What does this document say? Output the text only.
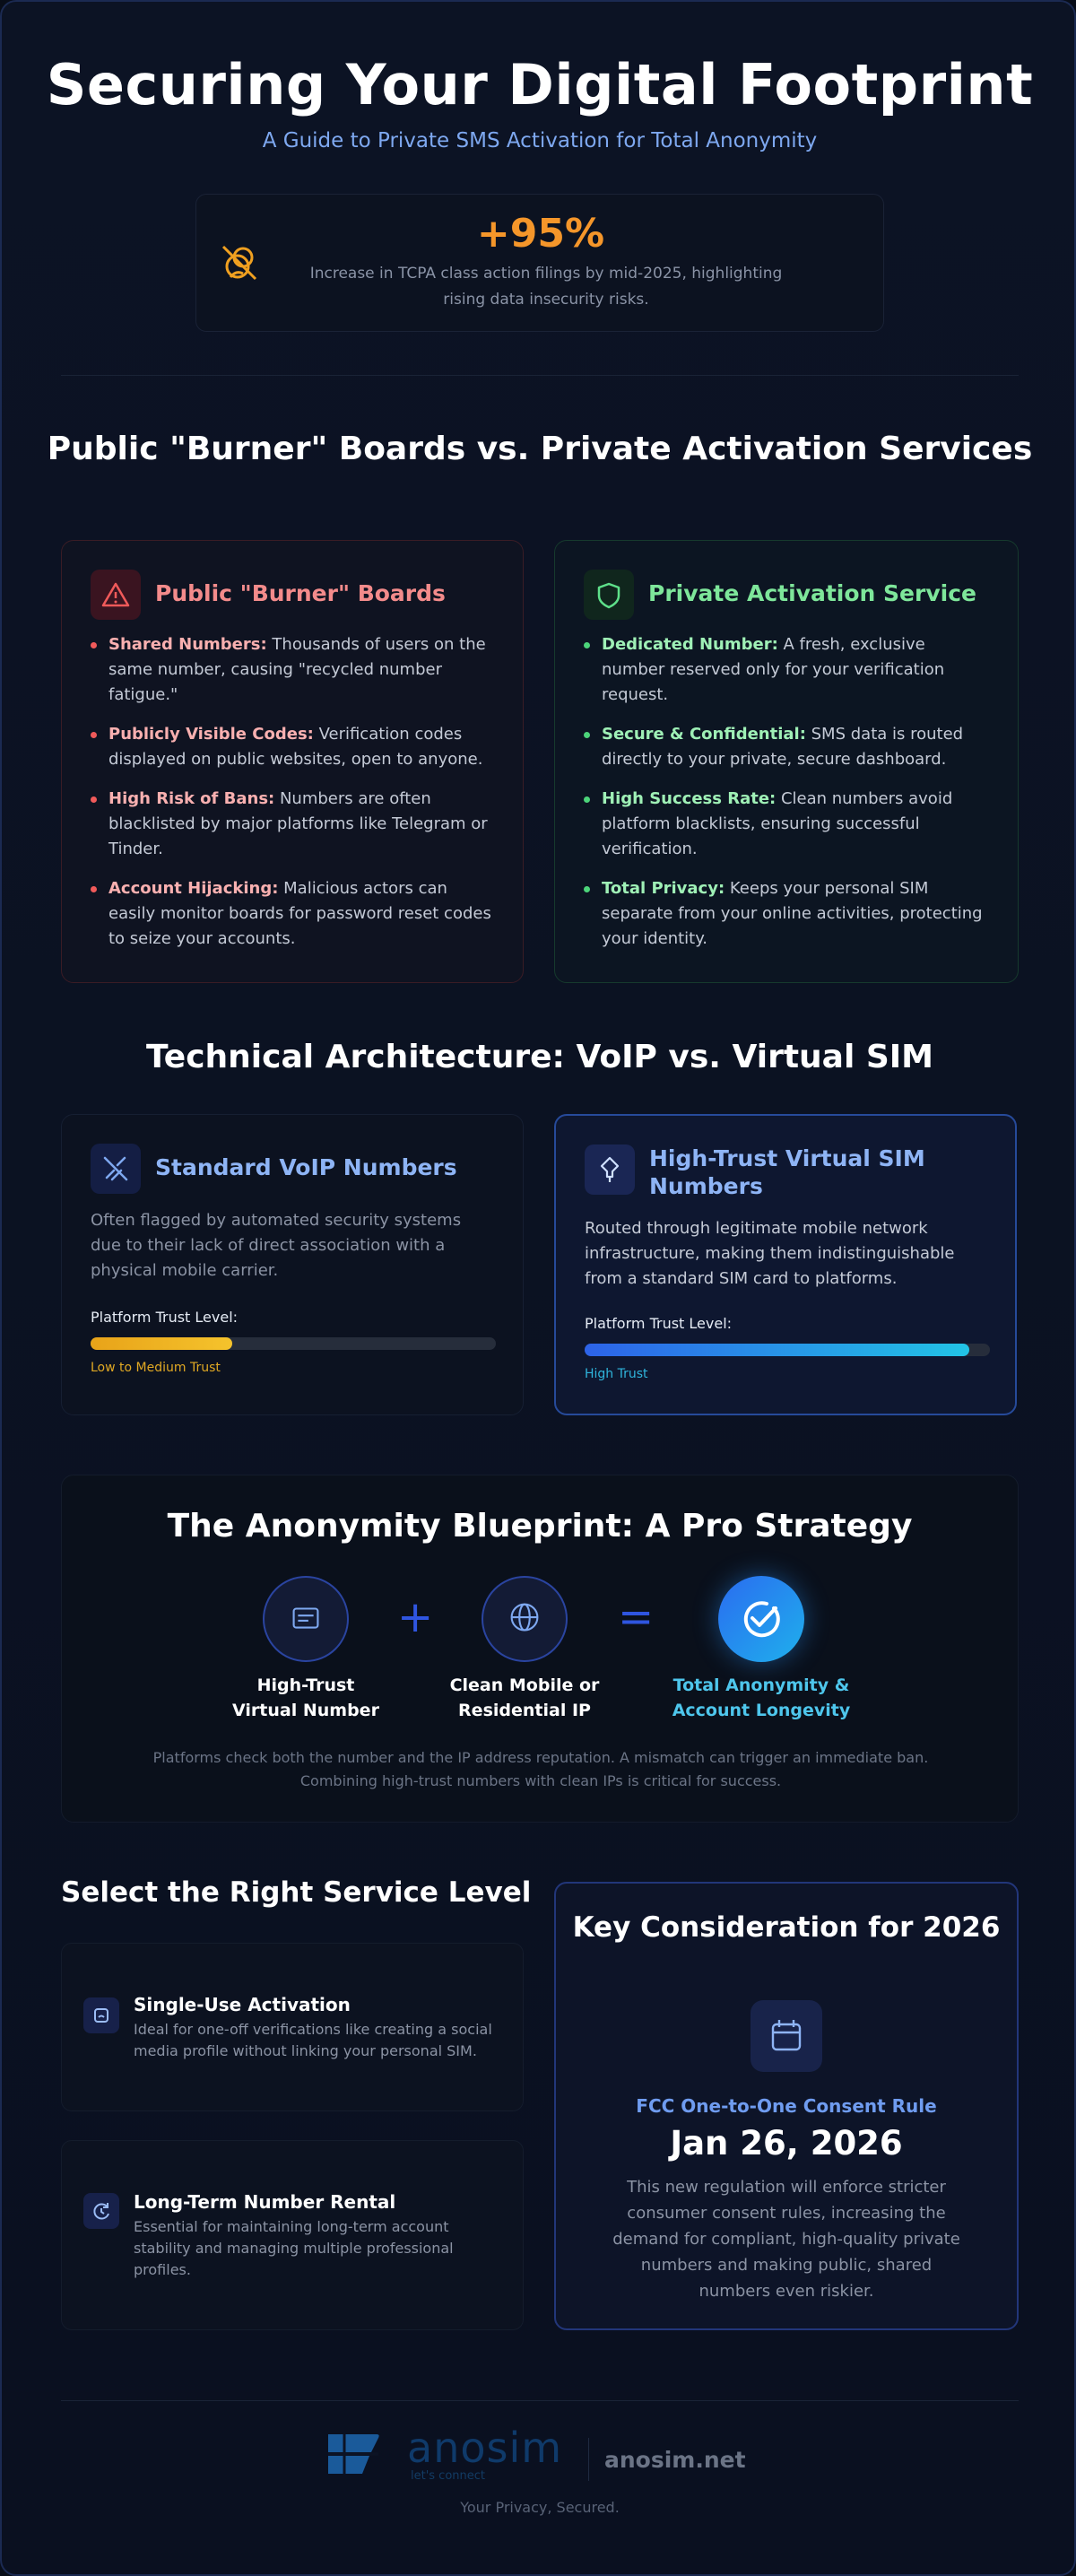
Securing Your Digital Footprint
A Guide to Private SMS Activation for Total Anonymity
+95%
Increase in TCPA class action filings by mid-2025, highlighting rising data insecurity risks.
Public "Burner" Boards vs. Private Activation Services
Public "Burner" Boards
Shared Numbers: Thousands of users on the same number, causing "recycled number fatigue."
Publicly Visible Codes: Verification codes displayed on public websites, open to anyone.
High Risk of Bans: Numbers are often blacklisted by major platforms like Telegram or Tinder.
Account Hijacking: Malicious actors can easily monitor boards for password reset codes to seize your accounts.
Private Activation Service
Dedicated Number: A fresh, exclusive number reserved only for your verification request.
Secure & Confidential: SMS data is routed directly to your private, secure dashboard.
High Success Rate: Clean numbers avoid platform blacklists, ensuring successful verification.
Total Privacy: Keeps your personal SIM separate from your online activities, protecting your identity.
Technical Architecture: VoIP vs. Virtual SIM
Standard VoIP Numbers
Often flagged by automated security systems due to their lack of direct association with a physical mobile carrier.
Platform Trust Level:
Low to Medium Trust
High-Trust Virtual SIM Numbers
Routed through legitimate mobile network infrastructure, making them indistinguishable from a standard SIM card to platforms.
Platform Trust Level:
High Trust
The Anonymity Blueprint: A Pro Strategy
High-Trust
Virtual Number
+
Clean Mobile or
Residential IP
=
Total Anonymity &
Account Longevity
Platforms check both the number and the IP address reputation. A mismatch can trigger an immediate ban. Combining high-trust numbers with clean IPs is critical for success.
Select the Right Service Level
Single-Use Activation
Ideal for one-off verifications like creating a social media profile without linking your personal SIM.
Long-Term Number Rental
Essential for maintaining long-term account stability and managing multiple professional profiles.
Key Consideration for 2026
FCC One-to-One Consent Rule
Jan 26, 2026
This new regulation will enforce stricter consumer consent rules, increasing the demand for compliant, high-quality private numbers and making public, shared numbers even riskier.
anosim
let's connect
anosim.net
Your Privacy, Secured.
